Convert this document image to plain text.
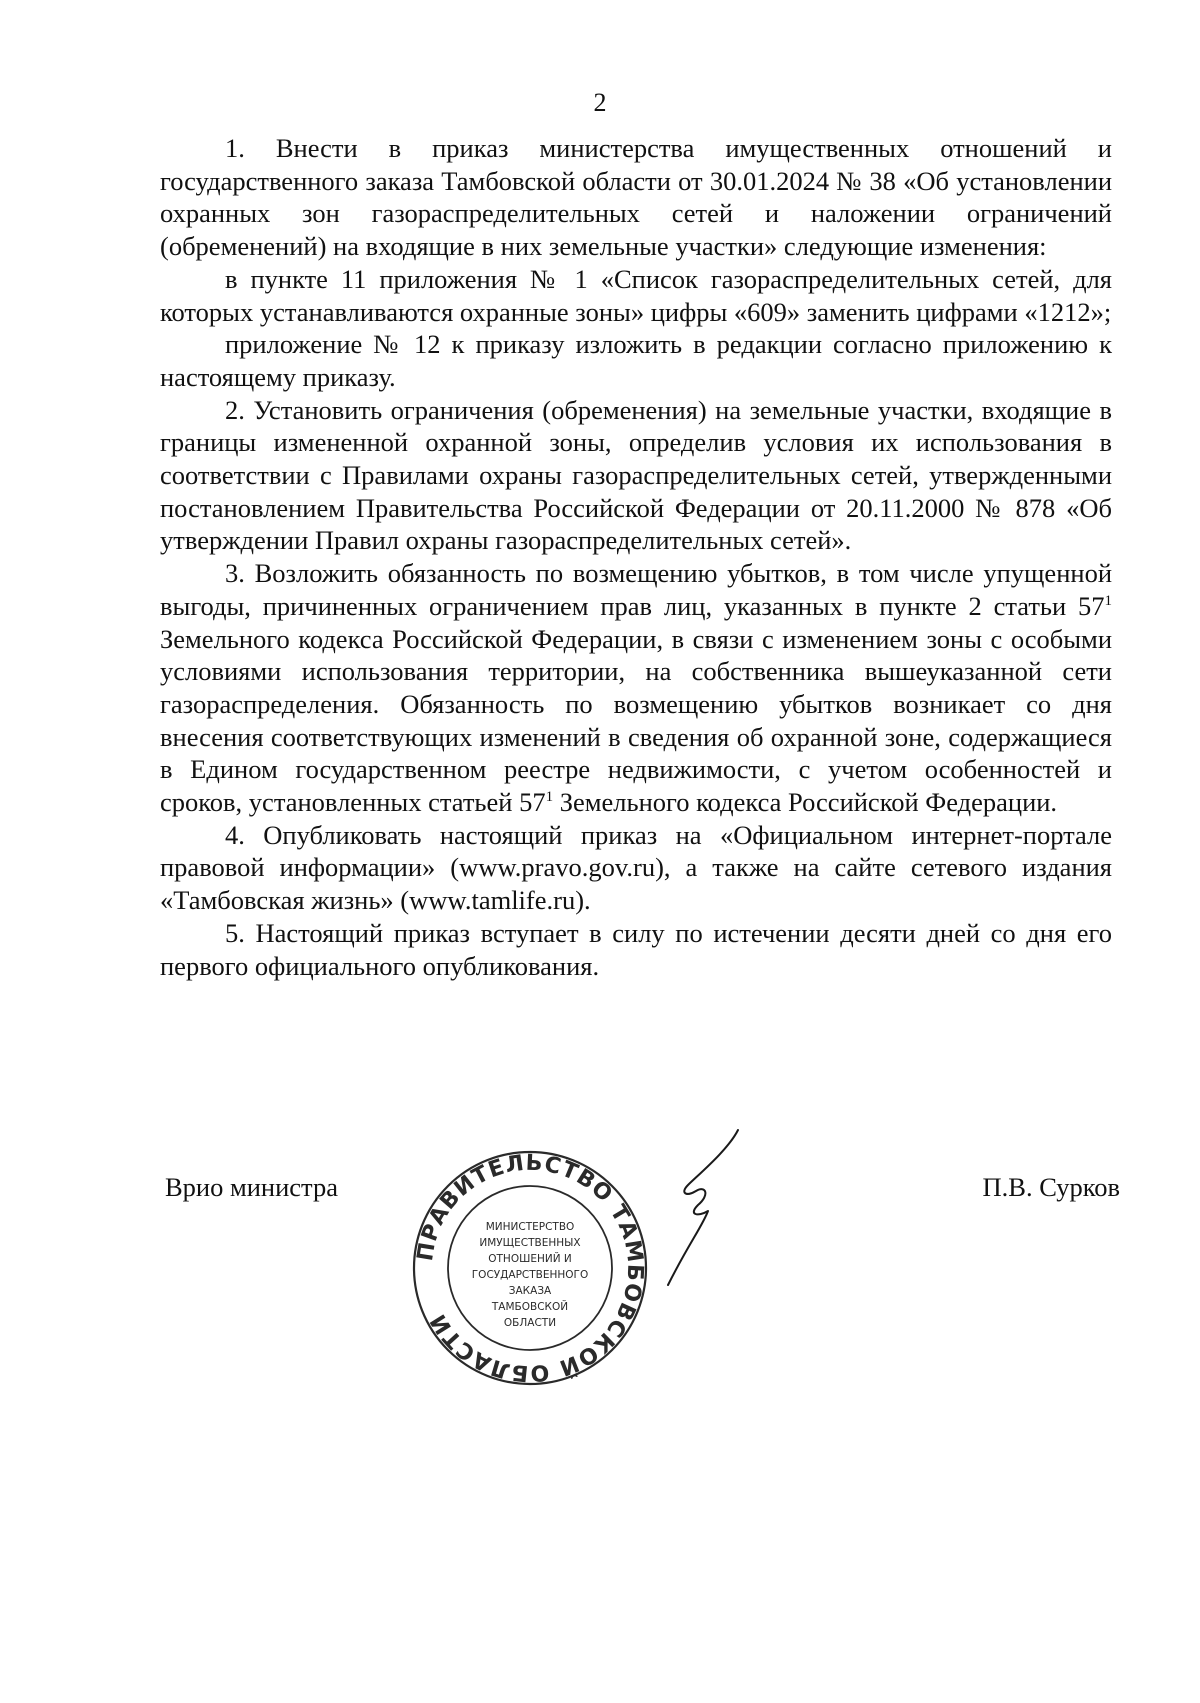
2

1. Внести в приказ министерства имущественных отношений и государственного заказа Тамбовской области от 30.01.2024 № 38 «Об установлении охранных зон газораспределительных сетей и наложении ограничений (обременений) на входящие в них земельные участки» следующие изменения:

в пункте 11 приложения № 1 «Список газораспределительных сетей, для которых устанавливаются охранные зоны» цифры «609» заменить цифрами «1212»;

приложение № 12 к приказу изложить в редакции согласно приложению к настоящему приказу.

2. Установить ограничения (обременения) на земельные участки, входящие в границы измененной охранной зоны, определив условия их использования в соответствии с Правилами охраны газораспределительных сетей, утвержденными постановлением Правительства Российской Федерации от 20.11.2000 № 878 «Об утверждении Правил охраны газораспределительных сетей».

3. Возложить обязанность по возмещению убытков, в том числе упущенной выгоды, причиненных ограничением прав лиц, указанных в пункте 2 статьи $57^1$ Земельного кодекса Российской Федерации, в связи с изменением зоны с особыми условиями использования территории, на собственника вышеуказанной сети газораспределения. Обязанность по возмещению убытков возникает со дня внесения соответствующих изменений в сведения об охранной зоне, содержащиеся в Едином государственном реестре недвижимости, с учетом особенностей и сроков, установленных статьей $57^1$ Земельного кодекса Российской Федерации.

4. Опубликовать настоящий приказ на «Официальном интернет-портале правовой информации» (www.pravo.gov.ru), а также на сайте сетевого издания «Тамбовская жизнь» (www.tamlife.ru).

5. Настоящий приказ вступает в силу по истечении десяти дней со дня его первого официального опубликования.

Врио министра	П.В. Сурков
ПРАВИТЕЛЬСТВО ТАМБОВСКОЙ ОБЛАСТИ
МИНИСТЕРСТВО
ИМУЩЕСТВЕННЫХ
ОТНОШЕНИЙ И
ГОСУДАРСТВЕННОГО
ЗАКАЗА
ТАМБОВСКОЙ
ОБЛАСТИ
